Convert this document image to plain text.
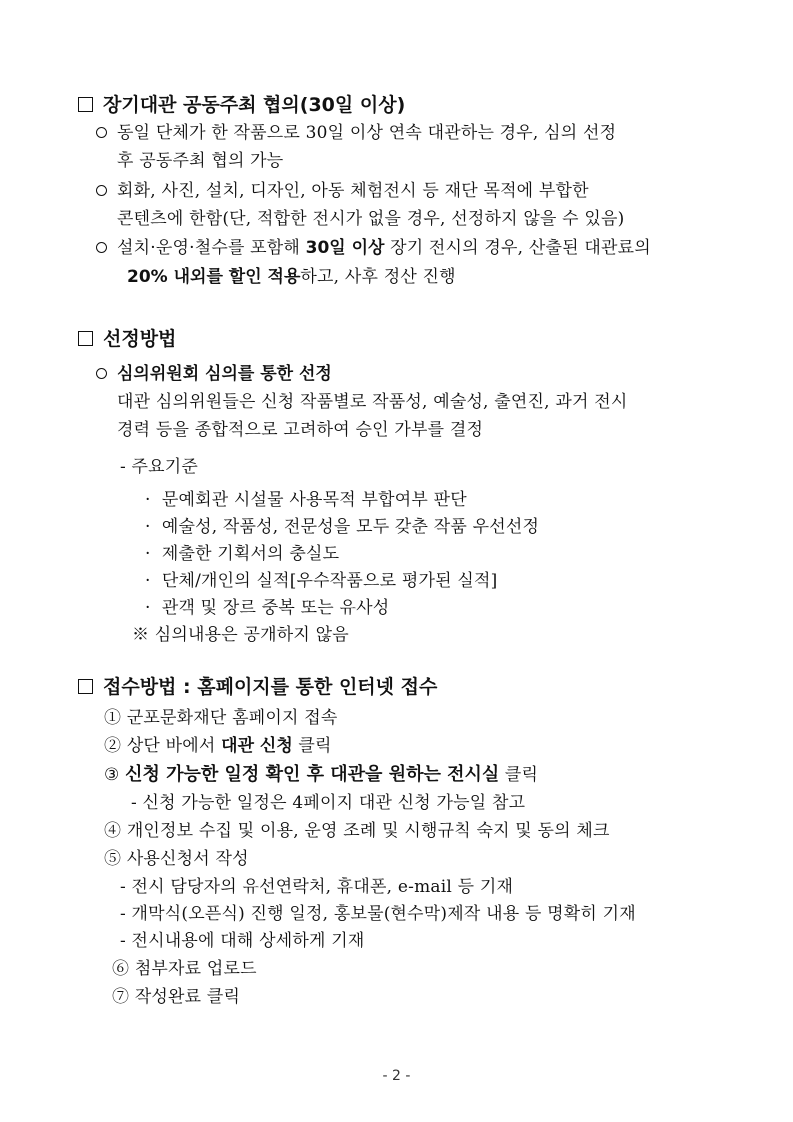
장기대관 공동주최 협의(30일 이상)
동일 단체가 한 작품으로 30일 이상 연속 대관하는 경우, 심의 선정
후 공동주최 협의 가능
회화, 사진, 설치, 디자인, 아동 체험전시 등 재단 목적에 부합한
콘텐츠에 한함(단, 적합한 전시가 없을 경우, 선정하지 않을 수 있음)
설치·운영·철수를 포함해 30일 이상 장기 전시의 경우, 산출된 대관료의
20% 내외를 할인 적용하고, 사후 정산 진행
선정방법
심의위원회 심의를 통한 선정
대관 심의위원들은 신청 작품별로 작품성, 예술성, 출연진, 과거 전시
경력 등을 종합적으로 고려하여 승인 가부를 결정
- 주요기준
· 문예회관 시설물 사용목적 부합여부 판단
· 예술성, 작품성, 전문성을 모두 갖춘 작품 우선선정
· 제출한 기획서의 충실도
· 단체/개인의 실적[우수작품으로 평가된 실적]
· 관객 및 장르 중복 또는 유사성
※ 심의내용은 공개하지 않음
접수방법 : 홈페이지를 통한 인터넷 접수
① 군포문화재단 홈페이지 접속
② 상단 바에서 대관 신청 클릭
③ 신청 가능한 일정 확인 후 대관을 원하는 전시실 클릭
- 신청 가능한 일정은 4페이지 대관 신청 가능일 참고
④ 개인정보 수집 및 이용, 운영 조례 및 시행규칙 숙지 및 동의 체크
⑤ 사용신청서 작성
- 전시 담당자의 유선연락처, 휴대폰, e-mail 등 기재
- 개막식(오픈식) 진행 일정, 홍보물(현수막)제작 내용 등 명확히 기재
- 전시내용에 대해 상세하게 기재
⑥ 첨부자료 업로드
⑦ 작성완료 클릭
- 2 -
